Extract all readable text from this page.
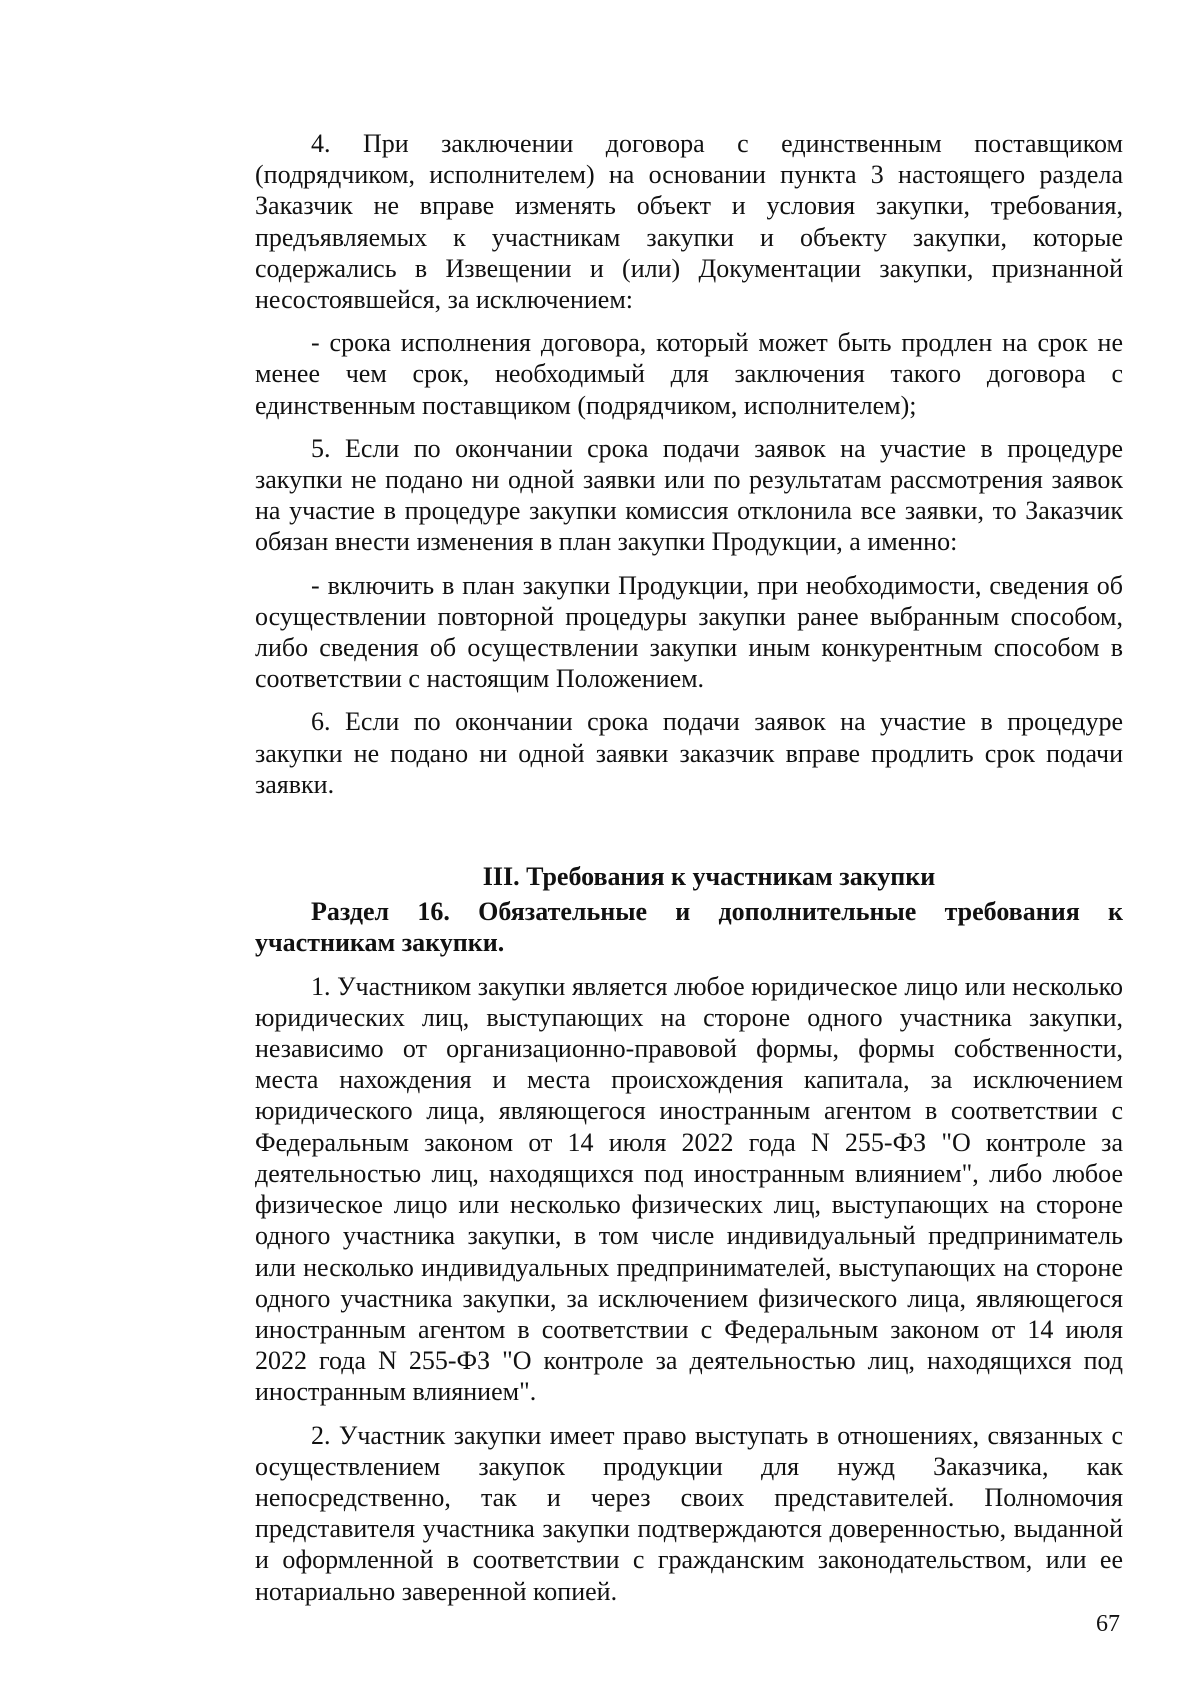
4. При заключении договора с единственным поставщиком (подрядчиком, исполнителем) на основании пункта 3 настоящего раздела Заказчик не вправе изменять объект и условия закупки, требования, предъявляемых к участникам закупки и объекту закупки, которые содержались в Извещении и (или) Документации закупки, признанной несостоявшейся, за исключением:

- срока исполнения договора, который может быть продлен на срок не менее чем срок, необходимый для заключения такого договора с единственным поставщиком (подрядчиком, исполнителем);

5. Если по окончании срока подачи заявок на участие в процедуре закупки не подано ни одной заявки или по результатам рассмотрения заявок на участие в процедуре закупки комиссия отклонила все заявки, то Заказчик обязан внести изменения в план закупки Продукции, а именно:

- включить в план закупки Продукции, при необходимости, сведения об осуществлении повторной процедуры закупки ранее выбранным способом, либо сведения об осуществлении закупки иным конкурентным способом в соответствии с настоящим Положением.

6. Если по окончании срока подачи заявок на участие в процедуре закупки не подано ни одной заявки заказчик вправе продлить срок подачи заявки.

III. Требования к участникам закупки
Раздел 16. Обязательные и дополнительные требования к участникам закупки.

1. Участником закупки является любое юридическое лицо или несколько юридических лиц, выступающих на стороне одного участника закупки, независимо от организационно-правовой формы, формы собственности, места нахождения и места происхождения капитала, за исключением юридического лица, являющегося иностранным агентом в соответствии с Федеральным законом от 14 июля 2022 года N 255-ФЗ "О контроле за деятельностью лиц, находящихся под иностранным влиянием", либо любое физическое лицо или несколько физических лиц, выступающих на стороне одного участника закупки, в том числе индивидуальный предприниматель или несколько индивидуальных предпринимателей, выступающих на стороне одного участника закупки, за исключением физического лица, являющегося иностранным агентом в соответствии с Федеральным законом от 14 июля 2022 года N 255-ФЗ "О контроле за деятельностью лиц, находящихся под иностранным влиянием".

2. Участник закупки имеет право выступать в отношениях, связанных с осуществлением закупок продукции для нужд Заказчика, как непосредственно, так и через своих представителей. Полномочия представителя участника закупки подтверждаются доверенностью, выданной и оформленной в соответствии с гражданским законодательством, или ее нотариально заверенной копией.

67
